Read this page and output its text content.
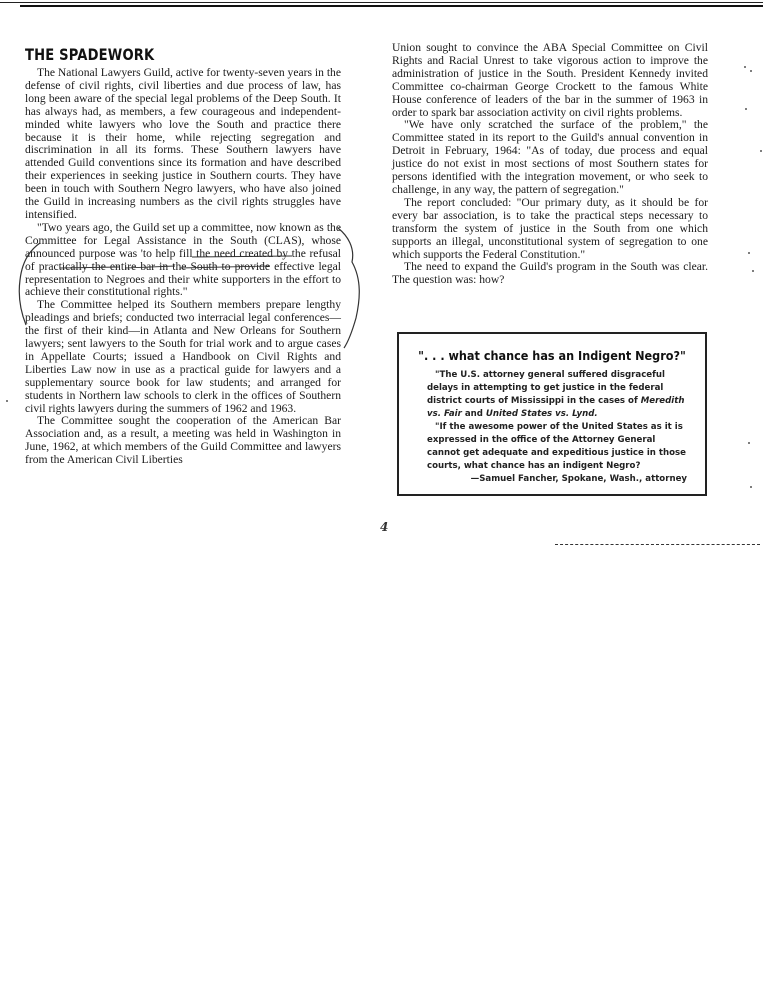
THE SPADEWORK

The National Lawyers Guild, active for twenty-seven years in the defense of civil rights, civil liberties and due process of law, has long been aware of the special legal problems of the Deep South. It has always had, as members, a few courageous and independent-minded white lawyers who love the South and practice there because it is their home, while rejecting segregation and discrimination in all its forms. These Southern lawyers have attended Guild conventions since its formation and have described their experiences in seeking justice in Southern courts. They have been in touch with Southern Negro lawyers, who have also joined the Guild in increasing numbers as the civil rights struggles have intensified.

"Two years ago, the Guild set up a committee, now known as the Committee for Legal Assistance in the South (CLAS), whose announced purpose was 'to help fill the need created by the refusal of practically the entire bar in the South to provide effective legal representation to Negroes and their white supporters in the effort to achieve their constitutional rights."

The Committee helped its Southern members prepare lengthy pleadings and briefs; conducted two interracial legal conferences—the first of their kind—in Atlanta and New Orleans for Southern lawyers; sent lawyers to the South for trial work and to argue cases in Appellate Courts; issued a Handbook on Civil Rights and Liberties Law now in use as a practical guide for lawyers and a supplementary source book for law students; and arranged for students in Northern law schools to clerk in the offices of Southern civil rights lawyers during the summers of 1962 and 1963.

The Committee sought the cooperation of the American Bar Association and, as a result, a meeting was held in Washington in June, 1962, at which members of the Guild Committee and lawyers from the American Civil Liberties

Union sought to convince the ABA Special Committee on Civil Rights and Racial Unrest to take vigorous action to improve the administration of justice in the South. President Kennedy invited Committee co-chairman George Crockett to the famous White House conference of leaders of the bar in the summer of 1963 in order to spark bar association activity on civil rights problems.

"We have only scratched the surface of the problem," the Committee stated in its report to the Guild's annual convention in Detroit in February, 1964: "As of today, due process and equal justice do not exist in most sections of most Southern states for persons identified with the integration movement, or who seek to challenge, in any way, the pattern of segregation."

The report concluded: "Our primary duty, as it should be for every bar association, is to take the practical steps necessary to transform the system of justice in the South from one which supports an illegal, unconstitutional system of segregation to one which supports the Federal Constitution."

The need to expand the Guild's program in the South was clear. The question was: how?

". . . what chance has an Indigent Negro?"

"The U.S. attorney general suffered disgraceful delays in attempting to get justice in the federal district courts of Mississippi in the cases of Meredith vs. Fair and United States vs. Lynd.

"If the awesome power of the United States as it is expressed in the office of the Attorney General cannot get adequate and expeditious justice in those courts, what chance has an indigent Negro?

—Samuel Fancher, Spokane, Wash., attorney

4
